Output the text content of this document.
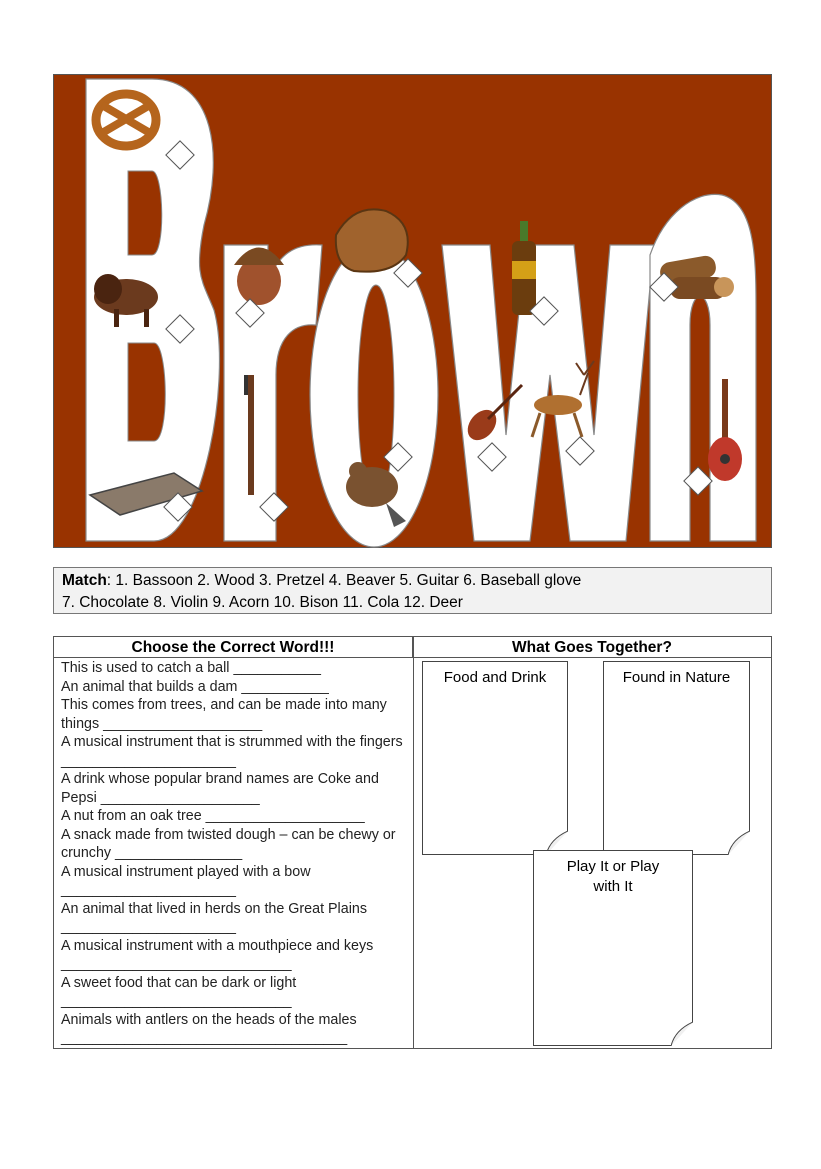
Match: 1. Bassoon 2. Wood 3. Pretzel 4. Beaver 5. Guitar 6. Baseball glove
7. Chocolate 8. Violin 9. Acorn 10. Bison 11. Cola 12. Deer
Choose the Correct Word!!!	What Goes Together?
This is used to catch a ball ___________
An animal that builds a dam ___________
This comes from trees, and can be made into many things ____________________
A musical instrument that is strummed with the fingers ______________________
A drink whose popular brand names are Coke and Pepsi ____________________
A nut from an oak tree ____________________
A snack made from twisted dough – can be chewy or crunchy ________________
A musical instrument played with a bow ______________________
An animal that lived in herds on the Great Plains ______________________
A musical instrument with a mouthpiece and keys _____________________________
A sweet food that can be dark or light _____________________________
Animals with antlers on the heads of the males ____________________________________
Food and Drink	Found in Nature
Play It or Play with It
